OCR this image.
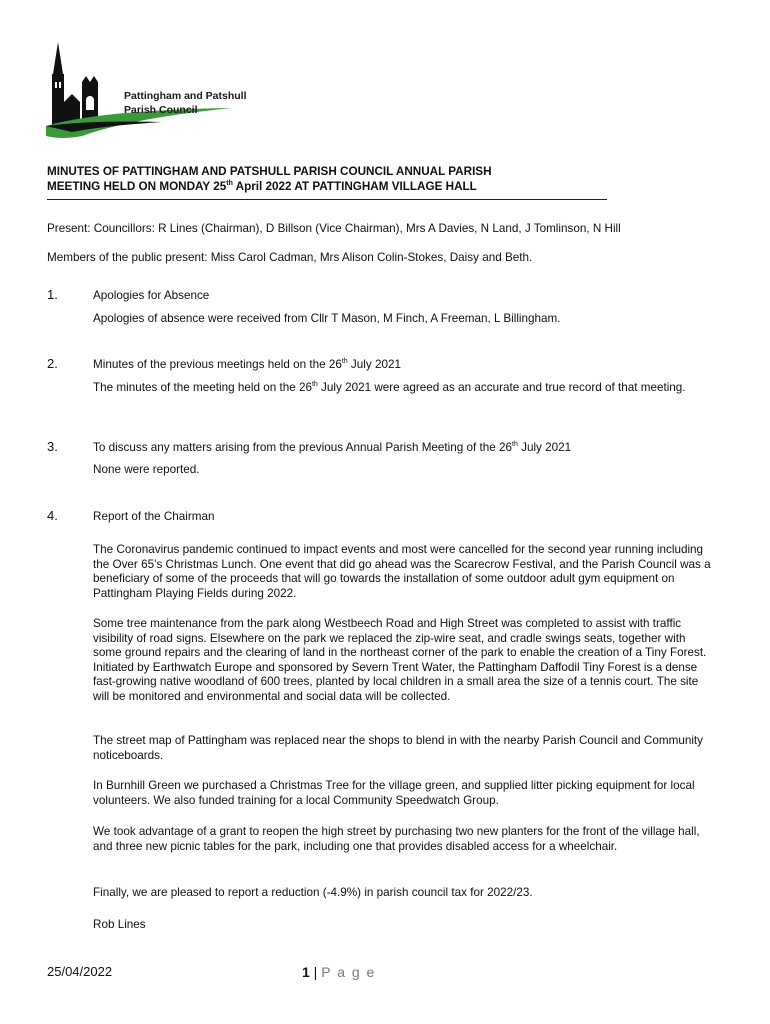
Pattingham and Patshull
Parish Council
MINUTES OF PATTINGHAM AND PATSHULL PARISH COUNCIL ANNUAL PARISH
MEETING HELD ON MONDAY 25th April 2022 AT PATTINGHAM VILLAGE HALL
Present: Councillors: R Lines (Chairman), D Billson (Vice Chairman), Mrs A Davies, N Land, J Tomlinson, N Hill
Members of the public present: Miss Carol Cadman, Mrs Alison Colin-Stokes, Daisy and Beth.
1.	Apologies for Absence
Apologies of absence were received from Cllr T Mason, M Finch, A Freeman, L Billingham.
2.	Minutes of the previous meetings held on the 26th July 2021
The minutes of the meeting held on the 26th July 2021 were agreed as an accurate and true record of that meeting.
3.	To discuss any matters arising from the previous Annual Parish Meeting of the 26th July 2021
None were reported.
4.	Report of the Chairman
The Coronavirus pandemic continued to impact events and most were cancelled for the second year running including the Over 65’s Christmas Lunch. One event that did go ahead was the Scarecrow Festival, and the Parish Council was a beneficiary of some of the proceeds that will go towards the installation of some outdoor adult gym equipment on Pattingham Playing Fields during 2022.
Some tree maintenance from the park along Westbeech Road and High Street was completed to assist with traffic visibility of road signs. Elsewhere on the park we replaced the zip-wire seat, and cradle swings seats, together with some ground repairs and the clearing of land in the northeast corner of the park to enable the creation of a Tiny Forest. Initiated by Earthwatch Europe and sponsored by Severn Trent Water, the Pattingham Daffodil Tiny Forest is a dense fast-growing native woodland of 600 trees, planted by local children in a small area the size of a tennis court. The site will be monitored and environmental and social data will be collected.
The street map of Pattingham was replaced near the shops to blend in with the nearby Parish Council and Community noticeboards.
In Burnhill Green we purchased a Christmas Tree for the village green, and supplied litter picking equipment for local volunteers. We also funded training for a local Community Speedwatch Group.
We took advantage of a grant to reopen the high street by purchasing two new planters for the front of the village hall, and three new picnic tables for the park, including one that provides disabled access for a wheelchair.
Finally, we are pleased to report a reduction (-4.9%) in parish council tax for 2022/23.
Rob Lines
25/04/2022	1 | P a g e
